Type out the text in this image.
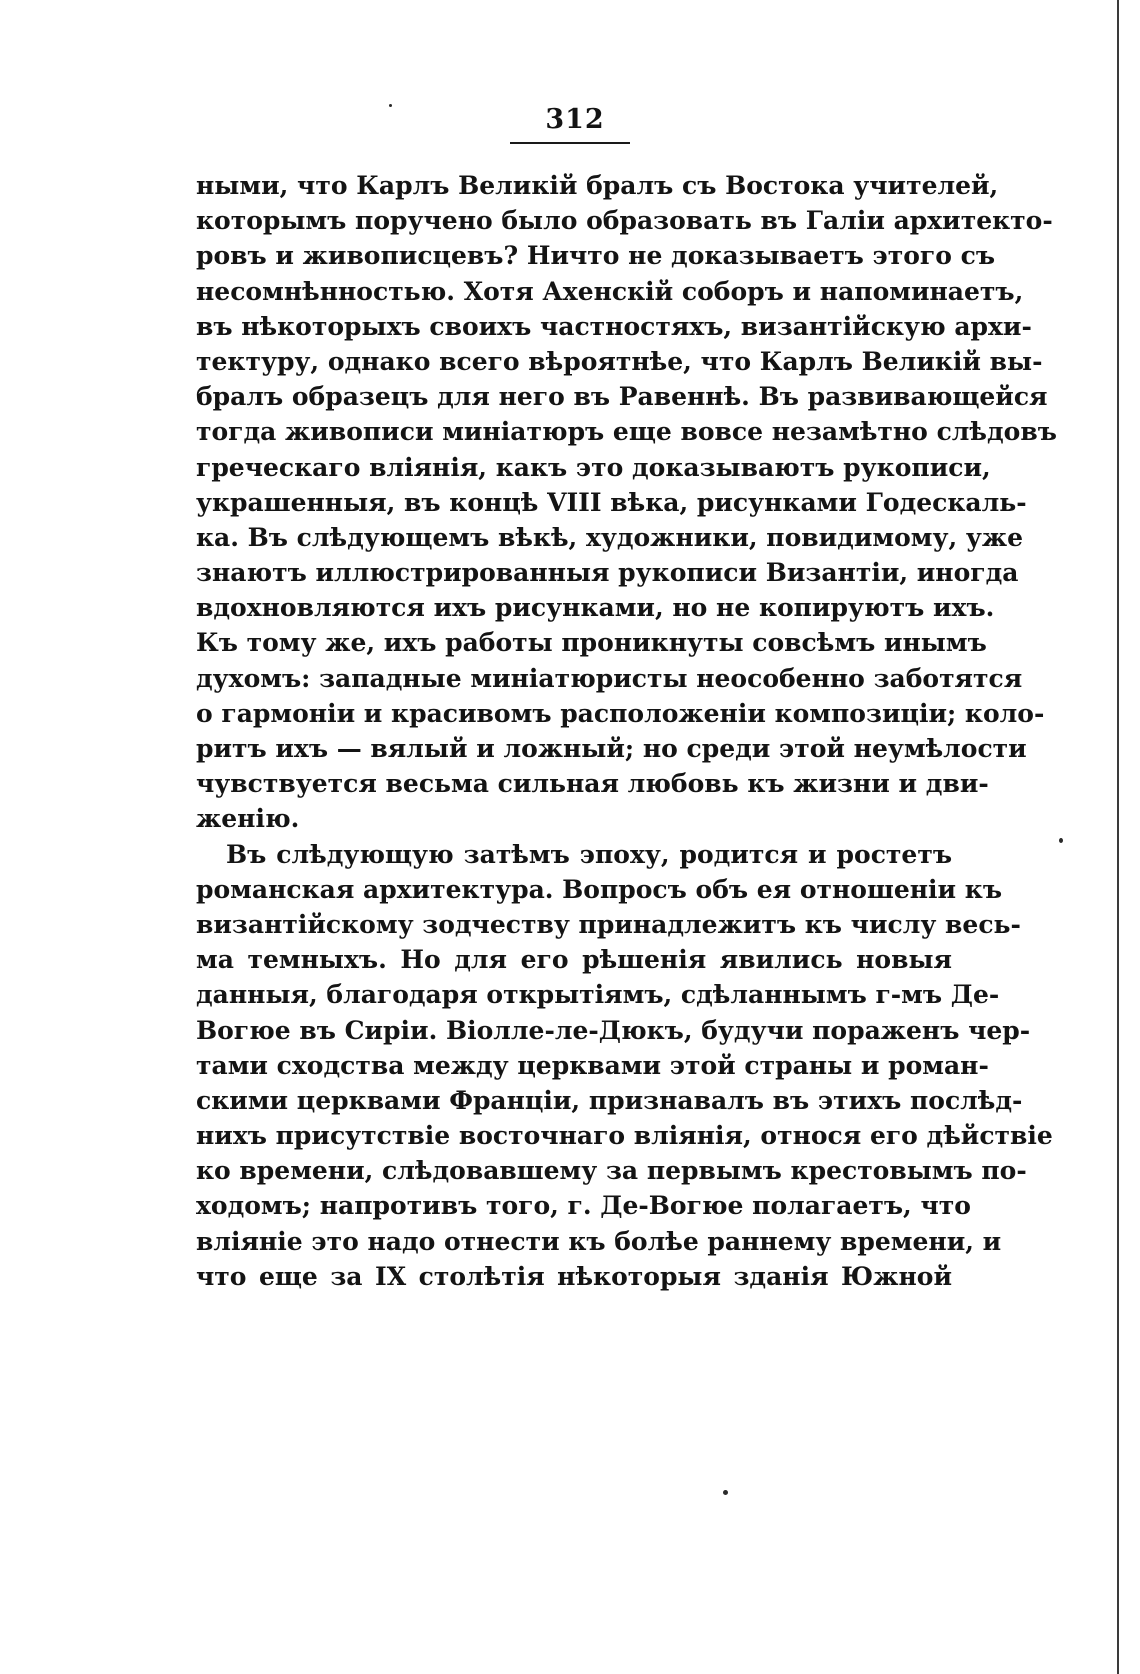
312
ными, что Карлъ Великій бралъ съ Востока учителей,
которымъ поручено было образовать въ Галіи архитекто-
ровъ и живописцевъ? Ничто не доказываетъ этого съ
несомнѣнностью. Хотя Ахенскій соборъ и напоминаетъ,
въ нѣкоторыхъ своихъ частностяхъ, византійскую архи-
тектуру, однако всего вѣроятнѣе, что Карлъ Великій вы-
бралъ образецъ для него въ Равеннѣ. Въ развивающейся
тогда живописи миніатюръ еще вовсе незамѣтно слѣдовъ
греческаго вліянія, какъ это доказываютъ рукописи,
украшенныя, въ концѣ VIII вѣка, рисунками Годескаль-
ка. Въ слѣдующемъ вѣкѣ, художники, повидимому, уже
знаютъ иллюстрированныя рукописи Византіи, иногда
вдохновляются ихъ рисунками, но не копируютъ ихъ.
Къ тому же, ихъ работы проникнуты совсѣмъ инымъ
духомъ: западные миніатюристы неособенно заботятся
о гармоніи и красивомъ расположеніи композиціи; коло-
ритъ ихъ — вялый и ложный; но среди этой неумѣлости
чувствуется весьма сильная любовь къ жизни и дви-
женію.
Въ слѣдующую затѣмъ эпоху, родится и ростетъ
романская архитектура. Вопросъ объ ея отношеніи къ
византійскому зодчеству принадлежитъ къ числу весь-
ма темныхъ. Но для его рѣшенія явились новыя
данныя, благодаря открытіямъ, сдѣланнымъ г-мъ Де-
Вогюе въ Сиріи. Віолле-ле-Дюкъ, будучи пораженъ чер-
тами сходства между церквами этой страны и роман-
скими церквами Франціи, признавалъ въ этихъ послѣд-
нихъ присутствіе восточнаго вліянія, относя его дѣйствіе
ко времени, слѣдовавшему за первымъ крестовымъ по-
ходомъ; напротивъ того, г. Де-Вогюе полагаетъ, что
вліяніе это надо отнести къ болѣе раннему времени, и
что еще за IX столѣтія нѣкоторыя зданія Южной
